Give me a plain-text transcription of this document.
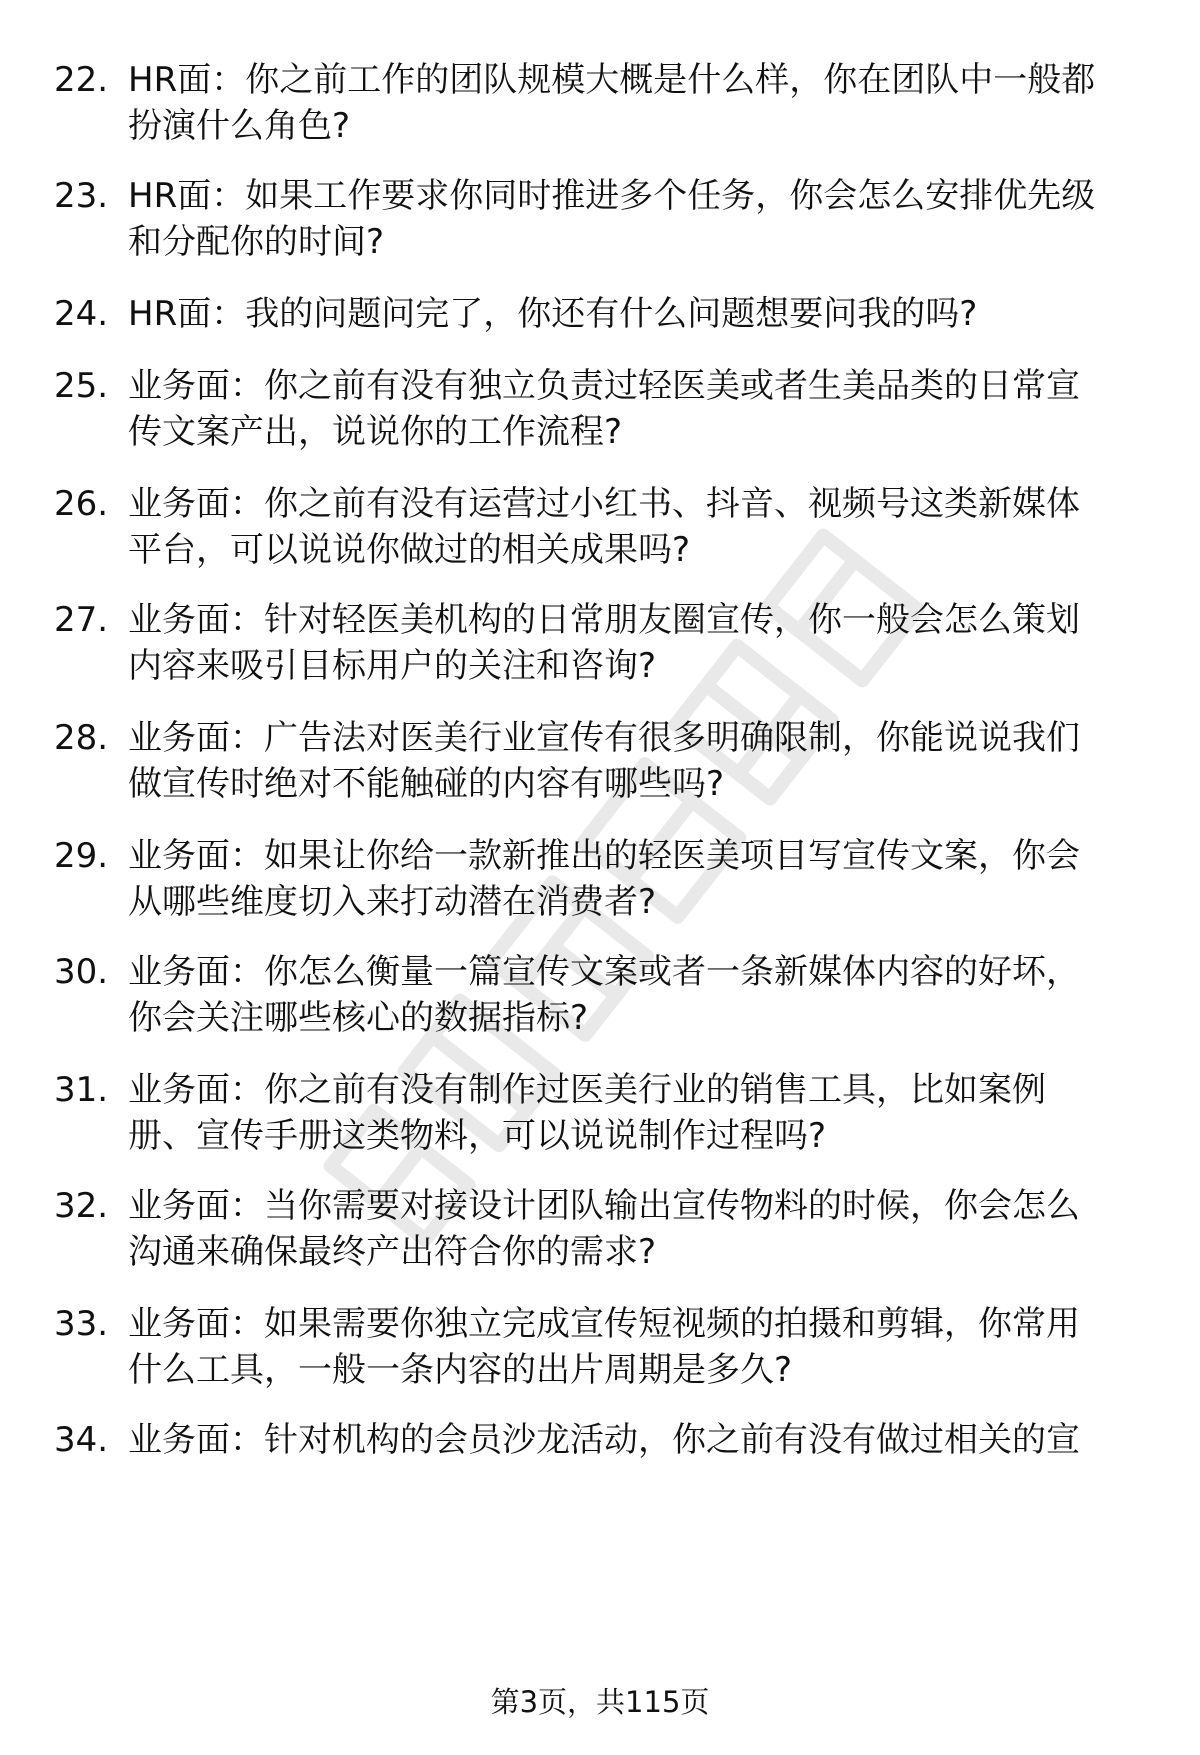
22. HR面：你之前工作的团队规模大概是什么样，你在团队中一般都
扮演什么角色?
23. HR面：如果工作要求你同时推进多个任务，你会怎么安排优先级
和分配你的时间?
24. HR面：我的问题问完了，你还有什么问题想要问我的吗?
25. 业务面：你之前有没有独立负责过轻医美或者生美品类的日常宣
传文案产出，说说你的工作流程?
26. 业务面：你之前有没有运营过小红书、抖音、视频号这类新媒体
平台，可以说说你做过的相关成果吗?
27. 业务面：针对轻医美机构的日常朋友圈宣传，你一般会怎么策划
内容来吸引目标用户的关注和咨询?
28. 业务面：广告法对医美行业宣传有很多明确限制，你能说说我们
做宣传时绝对不能触碰的内容有哪些吗?
29. 业务面：如果让你给一款新推出的轻医美项目写宣传文案，你会
从哪些维度切入来打动潜在消费者?
30. 业务面：你怎么衡量一篇宣传文案或者一条新媒体内容的好坏，
你会关注哪些核心的数据指标?
31. 业务面：你之前有没有制作过医美行业的销售工具，比如案例
册、宣传手册这类物料，可以说说制作过程吗?
32. 业务面：当你需要对接设计团队输出宣传物料的时候，你会怎么
沟通来确保最终产出符合你的需求?
33. 业务面：如果需要你独立完成宣传短视频的拍摄和剪辑，你常用
什么工具，一般一条内容的出片周期是多久?
34. 业务面：针对机构的会员沙龙活动，你之前有没有做过相关的宣
第3页，共115页
